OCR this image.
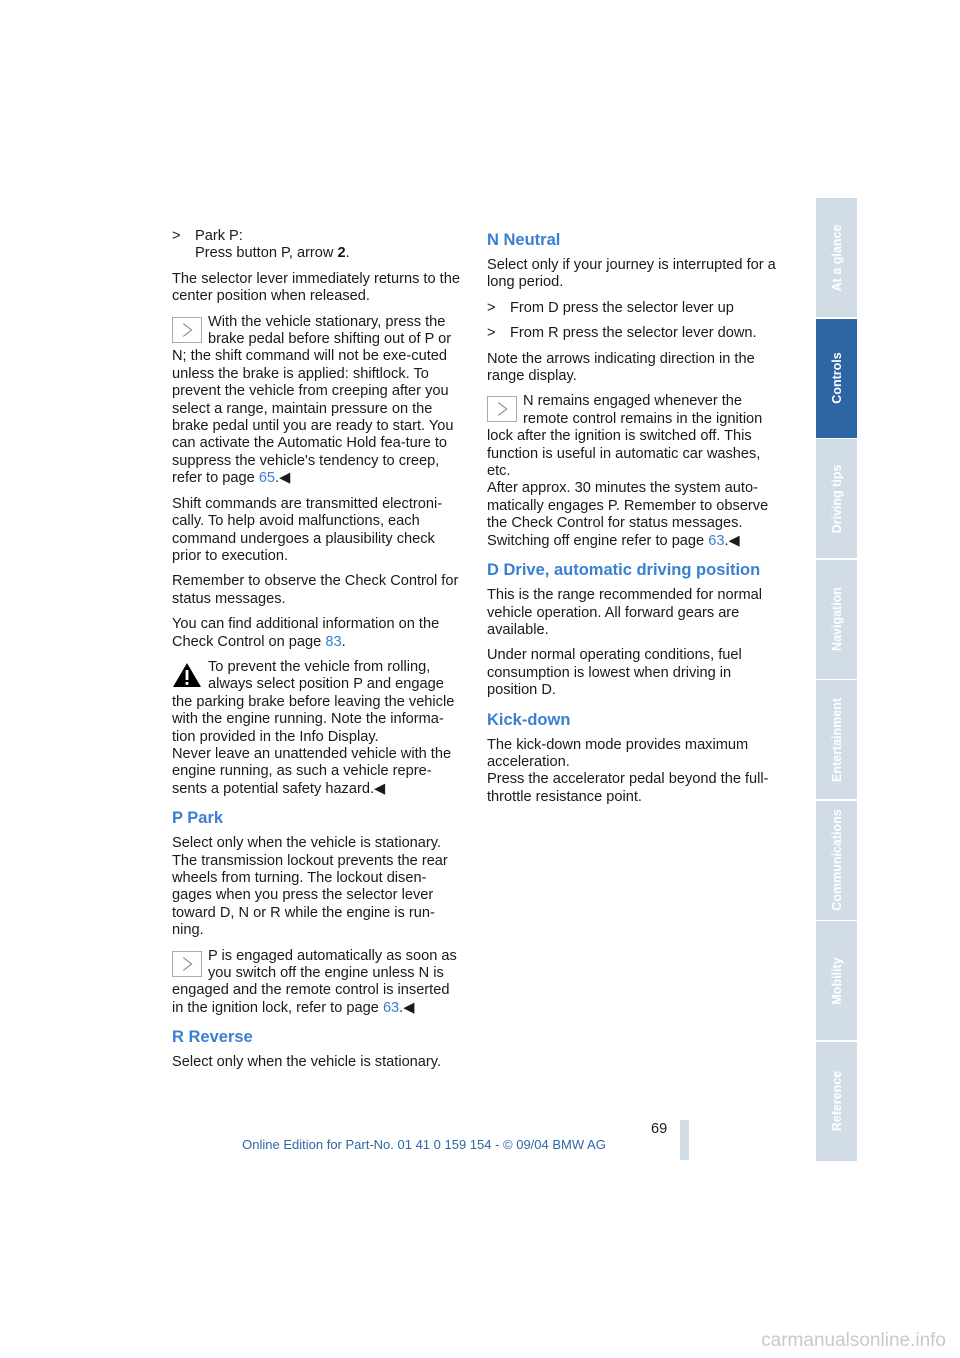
> Park P:
Press button P, arrow 2.

The selector lever immediately returns to the center position when released.

With the vehicle stationary, press the brake pedal before shifting out of P or N; the shift command will not be exe-cuted unless the brake is applied: shiftlock. To prevent the vehicle from creeping after you select a range, maintain pressure on the brake pedal until you are ready to start. You can activate the Automatic Hold fea-ture to suppress the vehicle's tendency to creep, refer to page 65.◀

Shift commands are transmitted electroni-cally. To help avoid malfunctions, each command undergoes a plausibility check prior to execution.

Remember to observe the Check Control for status messages.

You can find additional information on the Check Control on page 83.

To prevent the vehicle from rolling, always select position P and engage the parking brake before leaving the vehicle with the engine running. Note the informa-tion provided in the Info Display.
Never leave an unattended vehicle with the engine running, as such a vehicle repre-sents a potential safety hazard.◀
P Park

Select only when the vehicle is stationary. The transmission lockout prevents the rear wheels from turning. The lockout disen-gages when you press the selector lever toward D, N or R while the engine is run-ning.

P is engaged automatically as soon as you switch off the engine unless N is engaged and the remote control is inserted in the ignition lock, refer to page 63.◀
R Reverse

Select only when the vehicle is stationary.

N Neutral

Select only if your journey is interrupted for a long period.

> From D press the selector lever up
> From R press the selector lever down.

Note the arrows indicating direction in the range display.

N remains engaged whenever the remote control remains in the ignition lock after the ignition is switched off. This function is useful in automatic car washes, etc.
After approx. 30 minutes the system auto-matically engages P. Remember to observe the Check Control for status messages.
Switching off engine refer to page 63.◀
D Drive, automatic driving position

This is the range recommended for normal vehicle operation. All forward gears are available.

Under normal operating conditions, fuel consumption is lowest when driving in position D.

Kick-down

The kick-down mode provides maximum acceleration.
Press the accelerator pedal beyond the full-throttle resistance point.

At a glance
Controls
Driving tips
Navigation
Entertainment
Communications
Mobility
Reference
69
Online Edition for Part-No. 01 41 0 159 154 - © 09/04 BMW AG
carmanualsonline.info
